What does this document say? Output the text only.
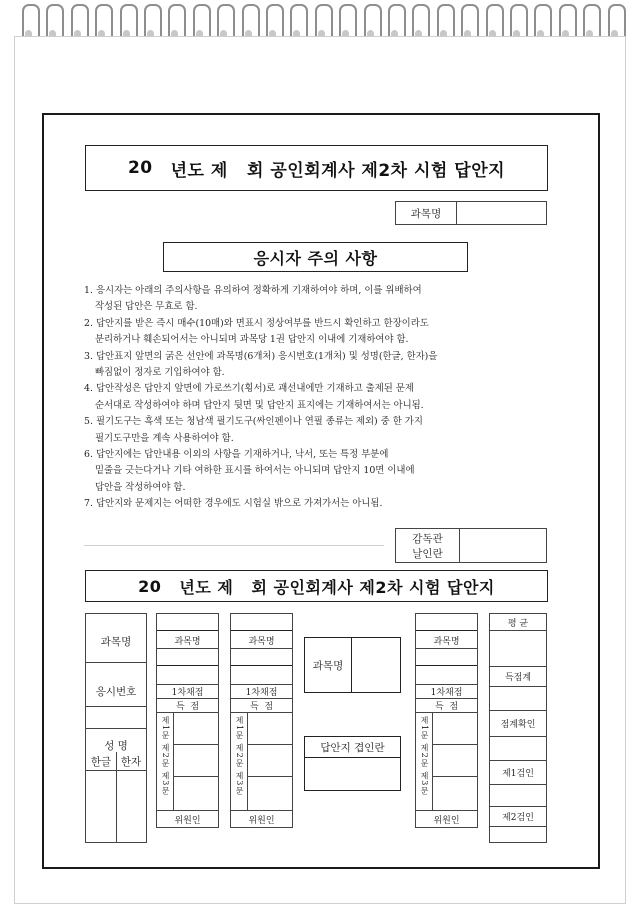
20 년도 제   회 공인회계사 제2차 시험 답안지
과목명
응시자 주의 사항
1. 응시자는 아래의 주의사항을 유의하여 정확하게 기재하여야 하며, 이를 위배하여
작성된 답안은 무효로 함.
2. 답안지를 받은 즉시 매수(10매)와 면표시 정상여부를 반드시 확인하고 한장이라도
분리하거나 훼손되어서는 아니되며 과목당 1권 답안지 이내에 기재하여야 함.
3. 답안표지 앞면의 굵은 선안에 과목명(6개처) 응시번호(1개처) 및 성명(한글, 한자)을
빠짐없이 정자로 기입하여야 함.
4. 답안작성은 답안지 앞면에 가로쓰기(횡서)로 괘선내에만 기재하고 출제된 문제
순서대로 작성하여야 하며 답안지 뒷면 및 답안지 표지에는 기재하여서는 아니됨.
5. 필기도구는 흑색 또는 청남색 필기도구(싸인펜이나 연필 종류는 제외) 중 한 가지
필기도구만을 계속 사용하여야 함.
6. 답안지에는 답안내용 이외의 사항을 기재하거나, 낙서, 또는 특정 부분에
밑줄을 긋는다거나 기타 여하한 표시를 하여서는 아니되며 답안지 10면 이내에
답안을 작성하여야 함.
7. 답안지와 문제지는 어떠한 경우에도 시험실 밖으로 가져가서는 아니됨.
감독관
날인란
20 년도 제   회 공인회계사 제2차 시험 답안지
과목명
응시번호
성 명
한글 한자
과목명
1차채점
득  점
제1문 제2문 제3문
위원인
과목명
1차채점
득  점
제1문 제2문 제3문
위원인
과목명
1차채점
득  점
제1문 제2문 제3문
위원인
과목명
답안지 겹인란
평 균
득점계
점계확인
제1검인
제2검인
